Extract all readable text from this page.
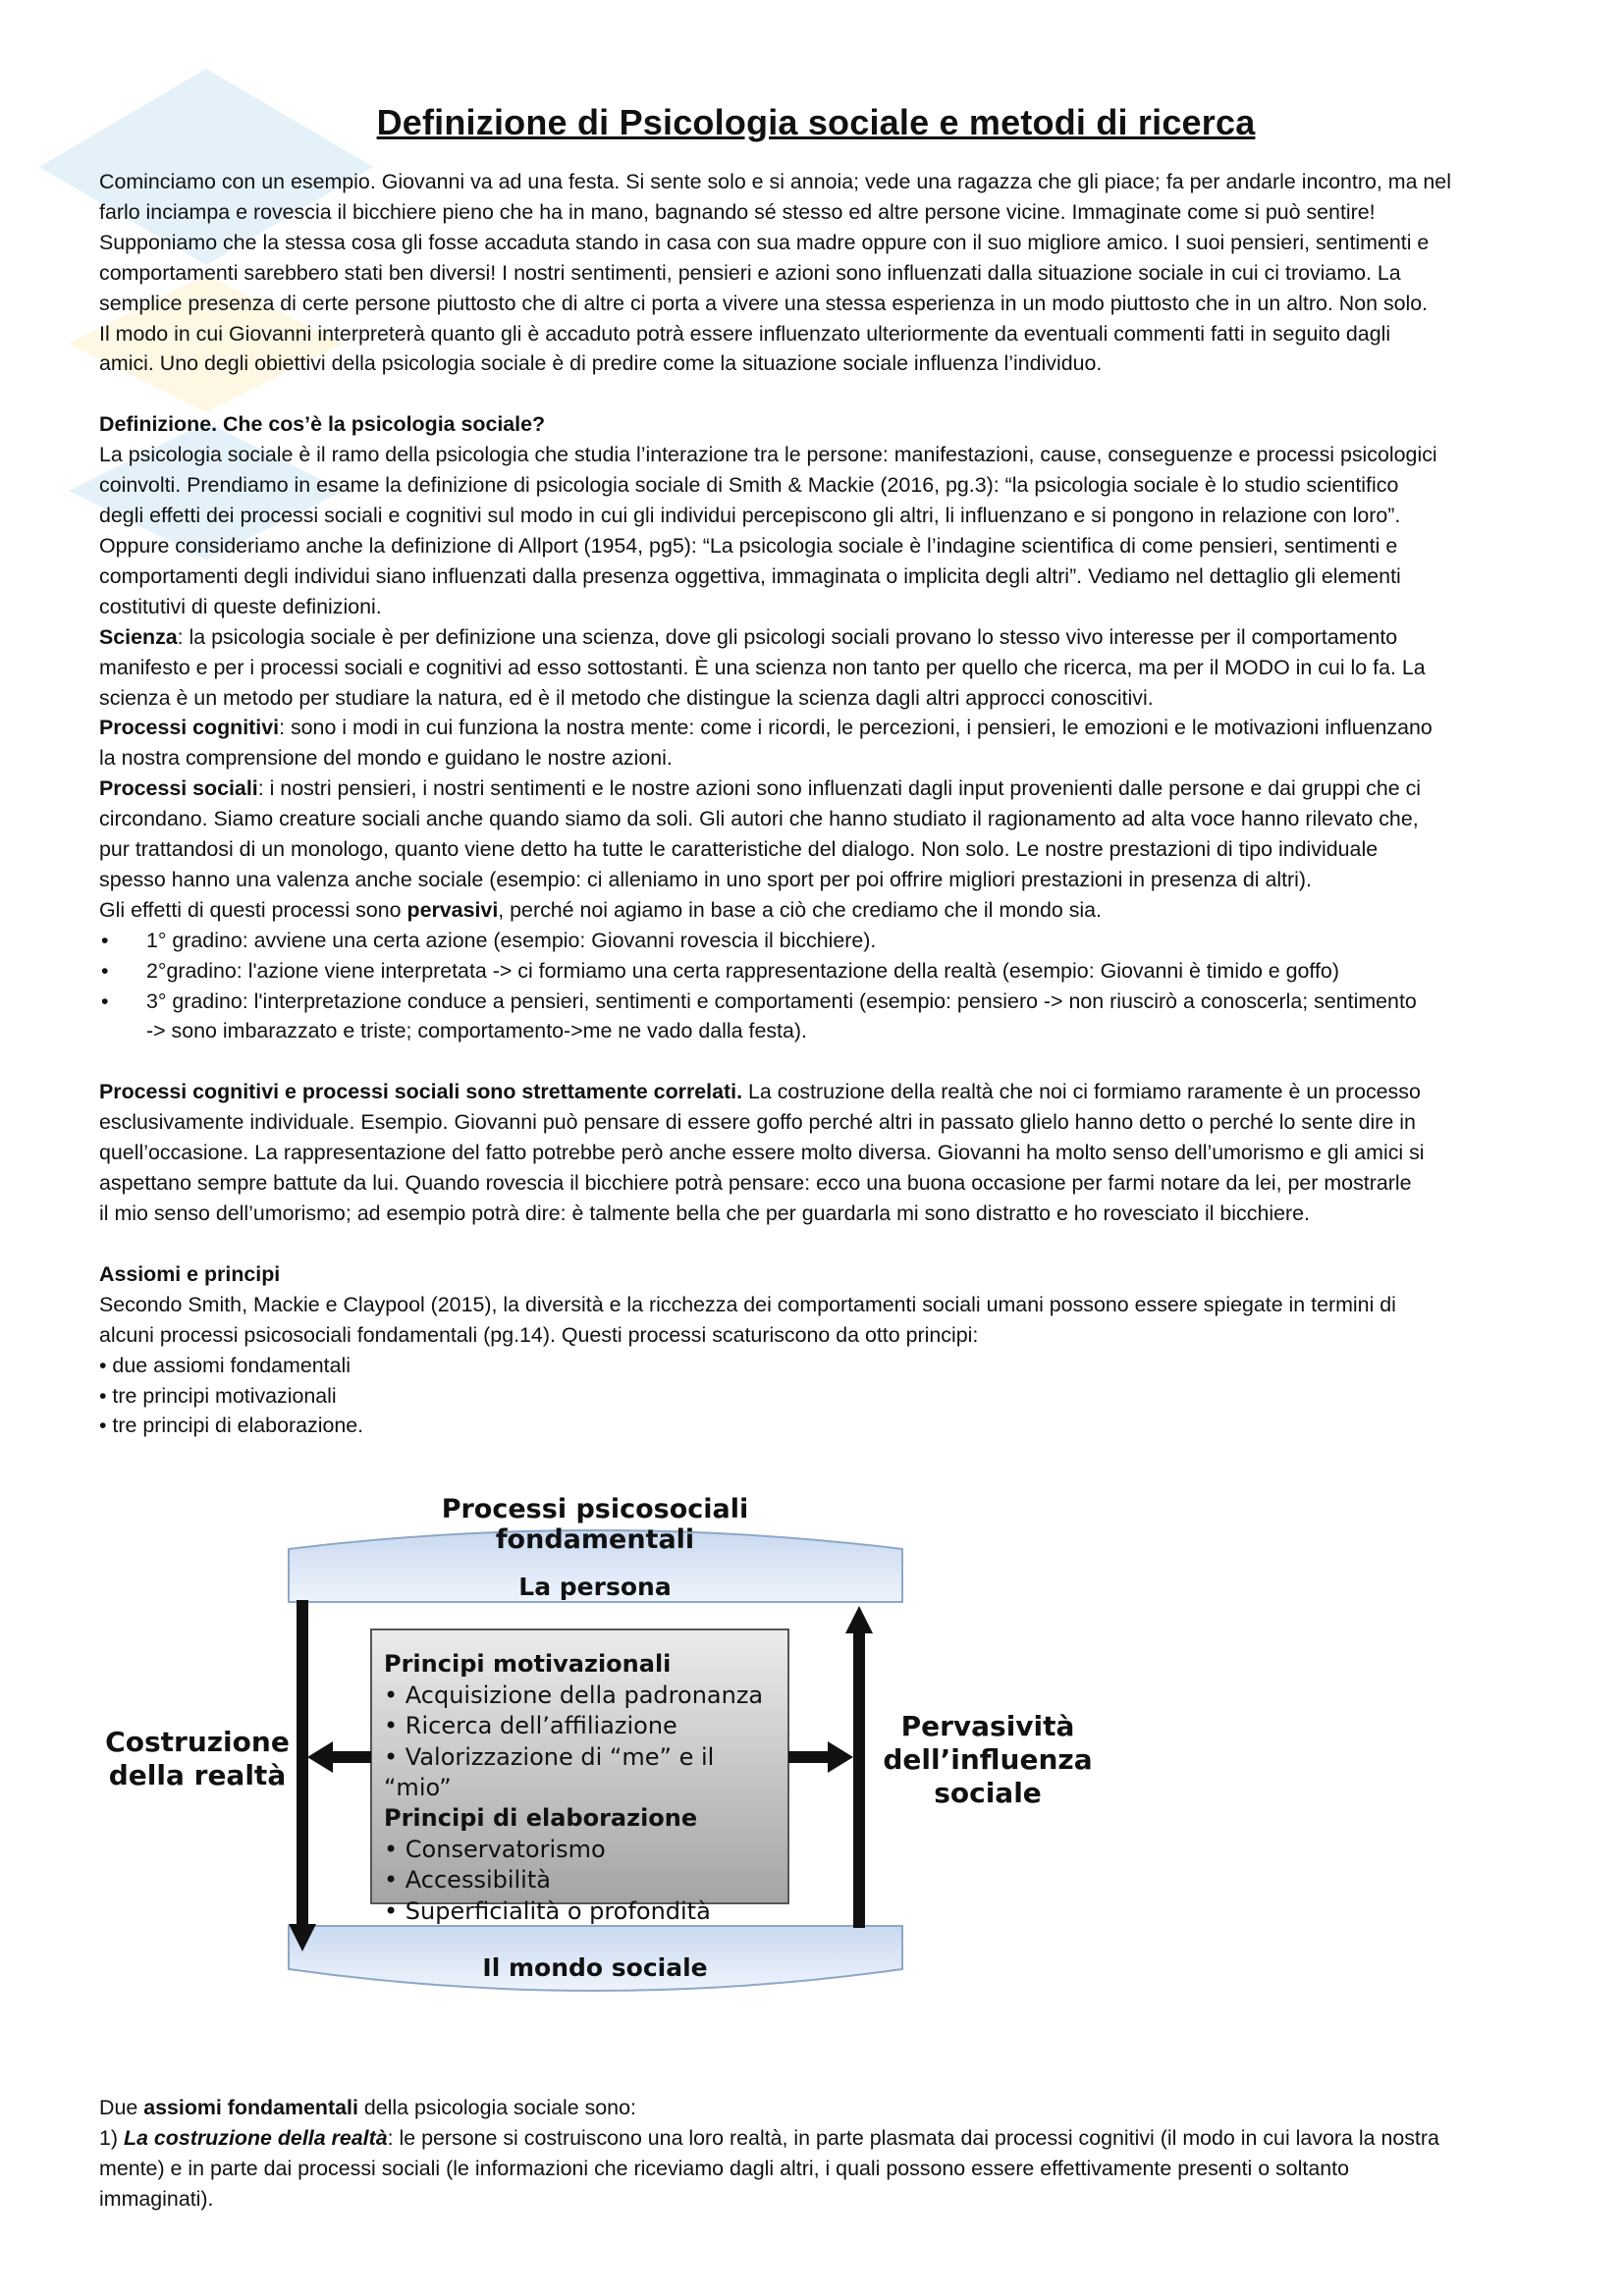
Definizione di Psicologia sociale e metodi di ricerca

Cominciamo con un esempio. Giovanni va ad una festa. Si sente solo e si annoia; vede una ragazza che gli piace; fa per andarle incontro, ma nel

farlo inciampa e rovescia il bicchiere pieno che ha in mano, bagnando sé stesso ed altre persone vicine. Immaginate come si può sentire!

Supponiamo che la stessa cosa gli fosse accaduta stando in casa con sua madre oppure con il suo migliore amico. I suoi pensieri, sentimenti e

comportamenti sarebbero stati ben diversi! I nostri sentimenti, pensieri e azioni sono influenzati dalla situazione sociale in cui ci troviamo. La

semplice presenza di certe persone piuttosto che di altre ci porta a vivere una stessa esperienza in un modo piuttosto che in un altro. Non solo.

Il modo in cui Giovanni interpreterà quanto gli è accaduto potrà essere influenzato ulteriormente da eventuali commenti fatti in seguito dagli

amici. Uno degli obiettivi della psicologia sociale è di predire come la situazione sociale influenza l’individuo.

Definizione. Che cos’è la psicologia sociale?

La psicologia sociale è il ramo della psicologia che studia l’interazione tra le persone: manifestazioni, cause, conseguenze e processi psicologici

coinvolti. Prendiamo in esame la definizione di psicologia sociale di Smith & Mackie (2016, pg.3): “la psicologia sociale è lo studio scientifico

degli effetti dei processi sociali e cognitivi sul modo in cui gli individui percepiscono gli altri, li influenzano e si pongono in relazione con loro”.

Oppure consideriamo anche la definizione di Allport (1954, pg5): “La psicologia sociale è l’indagine scientifica di come pensieri, sentimenti e

comportamenti degli individui siano influenzati dalla presenza oggettiva, immaginata o implicita degli altri”. Vediamo nel dettaglio gli elementi

costitutivi di queste definizioni.

Scienza: la psicologia sociale è per definizione una scienza, dove gli psicologi sociali provano lo stesso vivo interesse per il comportamento

manifesto e per i processi sociali e cognitivi ad esso sottostanti. È una scienza non tanto per quello che ricerca, ma per il MODO in cui lo fa. La

scienza è un metodo per studiare la natura, ed è il metodo che distingue la scienza dagli altri approcci conoscitivi.

Processi cognitivi: sono i modi in cui funziona la nostra mente: come i ricordi, le percezioni, i pensieri, le emozioni e le motivazioni influenzano

la nostra comprensione del mondo e guidano le nostre azioni.

Processi sociali: i nostri pensieri, i nostri sentimenti e le nostre azioni sono influenzati dagli input provenienti dalle persone e dai gruppi che ci

circondano. Siamo creature sociali anche quando siamo da soli. Gli autori che hanno studiato il ragionamento ad alta voce hanno rilevato che,

pur trattandosi di un monologo, quanto viene detto ha tutte le caratteristiche del dialogo. Non solo. Le nostre prestazioni di tipo individuale

spesso hanno una valenza anche sociale (esempio: ci alleniamo in uno sport per poi offrire migliori prestazioni in presenza di altri).

Gli effetti di questi processi sono pervasivi, perché noi agiamo in base a ciò che crediamo che il mondo sia.

• 1° gradino: avviene una certa azione (esempio: Giovanni rovescia il bicchiere).
• 2°gradino: l'azione viene interpretata -> ci formiamo una certa rappresentazione della realtà (esempio: Giovanni è timido e goffo)
• 3° gradino: l'interpretazione conduce a pensieri, sentimenti e comportamenti (esempio: pensiero -> non riuscirò a conoscerla; sentimento
-> sono imbarazzato e triste; comportamento->me ne vado dalla festa).

Processi cognitivi e processi sociali sono strettamente correlati. La costruzione della realtà che noi ci formiamo raramente è un processo

esclusivamente individuale. Esempio. Giovanni può pensare di essere goffo perché altri in passato glielo hanno detto o perché lo sente dire in

quell’occasione. La rappresentazione del fatto potrebbe però anche essere molto diversa. Giovanni ha molto senso dell’umorismo e gli amici si

aspettano sempre battute da lui. Quando rovescia il bicchiere potrà pensare: ecco una buona occasione per farmi notare da lei, per mostrarle

il mio senso dell’umorismo; ad esempio potrà dire: è talmente bella che per guardarla mi sono distratto e ho rovesciato il bicchiere.

Assiomi e principi

Secondo Smith, Mackie e Claypool (2015), la diversità e la ricchezza dei comportamenti sociali umani possono essere spiegate in termini di

alcuni processi psicosociali fondamentali (pg.14). Questi processi scaturiscono da otto principi:

• due assiomi fondamentali

• tre principi motivazionali

• tre principi di elaborazione.

Processi psicosociali fondamentali
La persona
Il mondo sociale
Costruzione
della realtà
Pervasività
dell’influenza
sociale
Principi motivazionali
• Acquisizione della padronanza
• Ricerca dell’affiliazione
• Valorizzazione di “me” e il “mio”
Principi di elaborazione
• Conservatorismo
• Accessibilità
• Superficialità o profondità

Due assiomi fondamentali della psicologia sociale sono:

1) La costruzione della realtà: le persone si costruiscono una loro realtà, in parte plasmata dai processi cognitivi (il modo in cui lavora la nostra

mente) e in parte dai processi sociali (le informazioni che riceviamo dagli altri, i quali possono essere effettivamente presenti o soltanto

immaginati).
